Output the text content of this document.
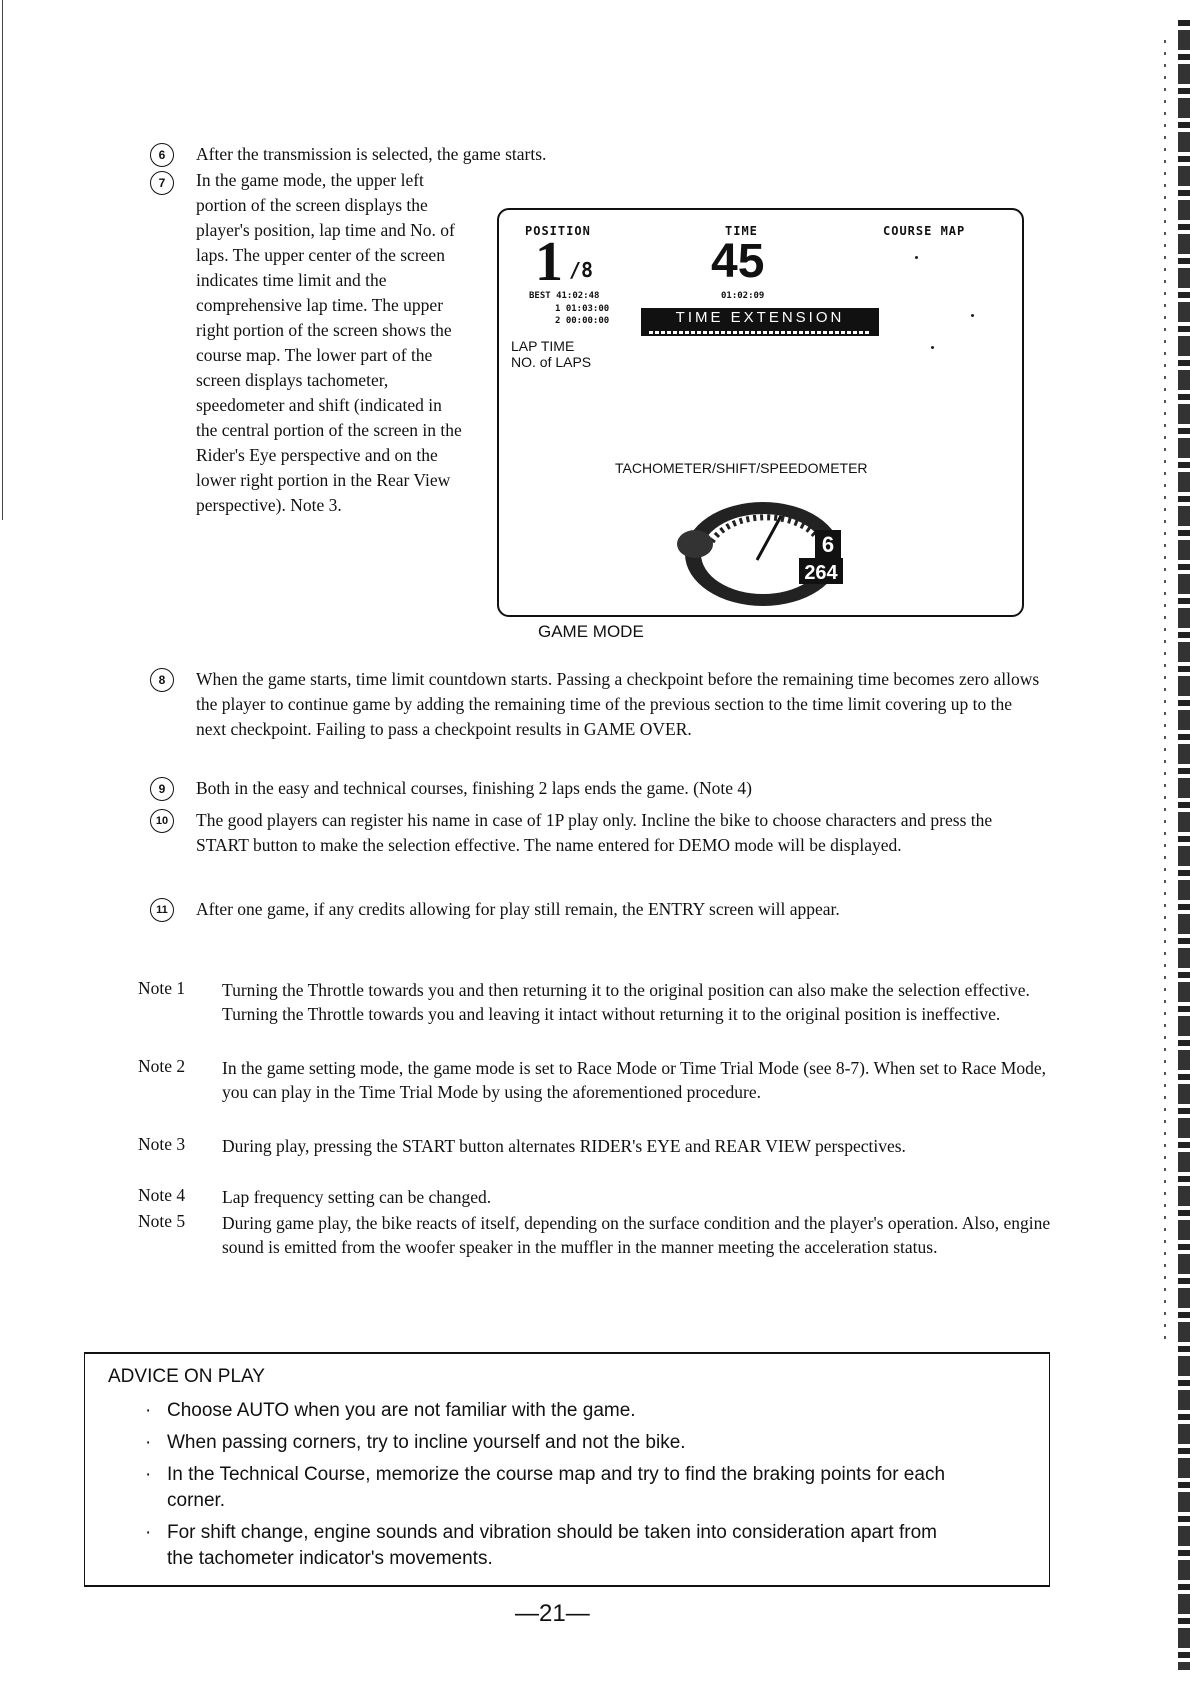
6	After the transmission is selected, the game starts.
7	In the game mode, the upper left portion of the screen displays the player's position, lap time and No. of laps. The upper center of the screen indicates time limit and the comprehensive lap time. The upper right portion of the screen shows the course map. The lower part of the screen displays tachometer, speedometer and shift (indicated in the central portion of the screen in the Rider's Eye perspective and on the lower right portion in the Rear View perspective). Note 3.
POSITION	TIME	COURSE MAP
1 /8 45
BEST 41:02:48
1 01:03:00
2 00:00:00
01:02:09
TIME EXTENSION
LAP TIME
NO. of LAPS
TACHOMETER/SHIFT/SPEEDOMETER
6
264
GAME MODE
8	When the game starts, time limit countdown starts. Passing a checkpoint before the remaining time becomes zero allows the player to continue game by adding the remaining time of the previous section to the time limit covering up to the next checkpoint. Failing to pass a checkpoint results in GAME OVER.
9	Both in the easy and technical courses, finishing 2 laps ends the game. (Note 4)
10	The good players can register his name in case of 1P play only. Incline the bike to choose characters and press the START button to make the selection effective. The name entered for DEMO mode will be displayed.
11	After one game, if any credits allowing for play still remain, the ENTRY screen will appear.
Note 1 Turning the Throttle towards you and then returning it to the original position can also make the selection effective. Turning the Throttle towards you and leaving it intact without returning it to the original position is ineffective.
Note 2 In the game setting mode, the game mode is set to Race Mode or Time Trial Mode (see 8-7). When set to Race Mode, you can play in the Time Trial Mode by using the aforementioned procedure.
Note 3 During play, pressing the START button alternates RIDER's EYE and REAR VIEW perspectives.
Note 4 Lap frequency setting can be changed.
Note 5 During game play, the bike reacts of itself, depending on the surface condition and the player's operation. Also, engine sound is emitted from the woofer speaker in the muffler in the manner meeting the acceleration status.
ADVICE ON PLAY
· Choose AUTO when you are not familiar with the game.
· When passing corners, try to incline yourself and not the bike.
· In the Technical Course, memorize the course map and try to find the braking points for each corner.
· For shift change, engine sounds and vibration should be taken into consideration apart from the tachometer indicator's movements.
—21—
